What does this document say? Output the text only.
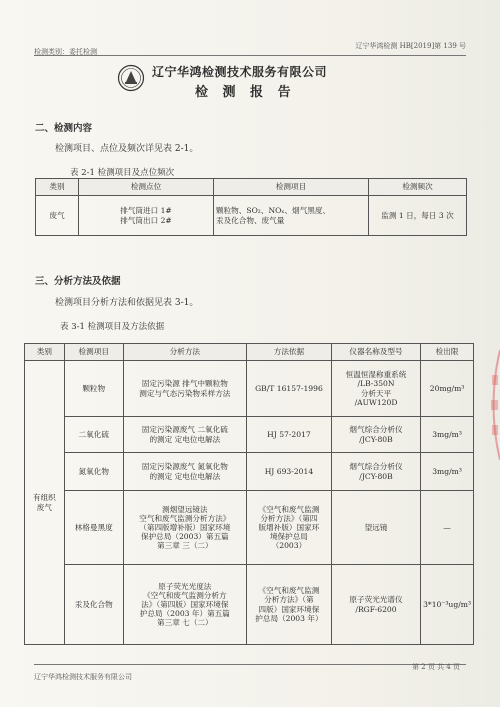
辽宁华鸿检测 HB[2019]第 139 号
检测类别：委托检测
辽宁华鸿检测技术服务有限公司
检 测 报 告
二、检测内容
检测项目、点位及频次详见表 2-1。
表 2-1 检测项目及点位频次
类别	检测点位	检测项目	检测频次
废气	排气筒进口 1#
排气筒出口 2#	颗粒物、SO₂、NOₓ、烟气黑度、
汞及化合物、废气量	监测 1 日，每日 3 次
三、分析方法及依据
检测项目分析方法和依据见表 3-1。
表 3-1 检测项目及方法依据
类别	检测项目	分析方法	方法依据	仪器名称及型号	检出限
有组织
废气	颗粒物	固定污染源 排气中颗粒物
测定与气态污染物采样方法	GB/T 16157-1996	恒温恒湿称重系统
/LB-350N
分析天平
/AUW120D	20mg/m³
	二氧化硫	固定污染源废气 二氧化硫
的测定 定电位电解法	HJ 57-2017	烟气综合分析仪
/JCY-80B	3mg/m³
	氮氧化物	固定污染源废气 氮氧化物
的测定 定电位电解法	HJ 693-2014	烟气综合分析仪
/JCY-80B	3mg/m³
	林格曼黑度	测烟望远镜法
空气和废气监测分析方法》
（第四版增补版）国家环境
保护总局（2003）第五篇
第三章 三（二）	《空气和废气监测
分析方法》（第四
版增补版）国家环
境保护总局
（2003）	望远镜	—
	汞及化合物	原子荧光光度法
《空气和废气监测分析方
法》（第四版）国家环境保
护总局（2003 年）第五篇
第三章 七（二）	《空气和废气监测
分析方法》（第
四版）国家环境保
护总局（2003 年）	原子荧光光谱仪
/RGF-6200	3*10⁻³ug/m³
第 2 页 共 4 页
辽宁华鸿检测技术服务有限公司
